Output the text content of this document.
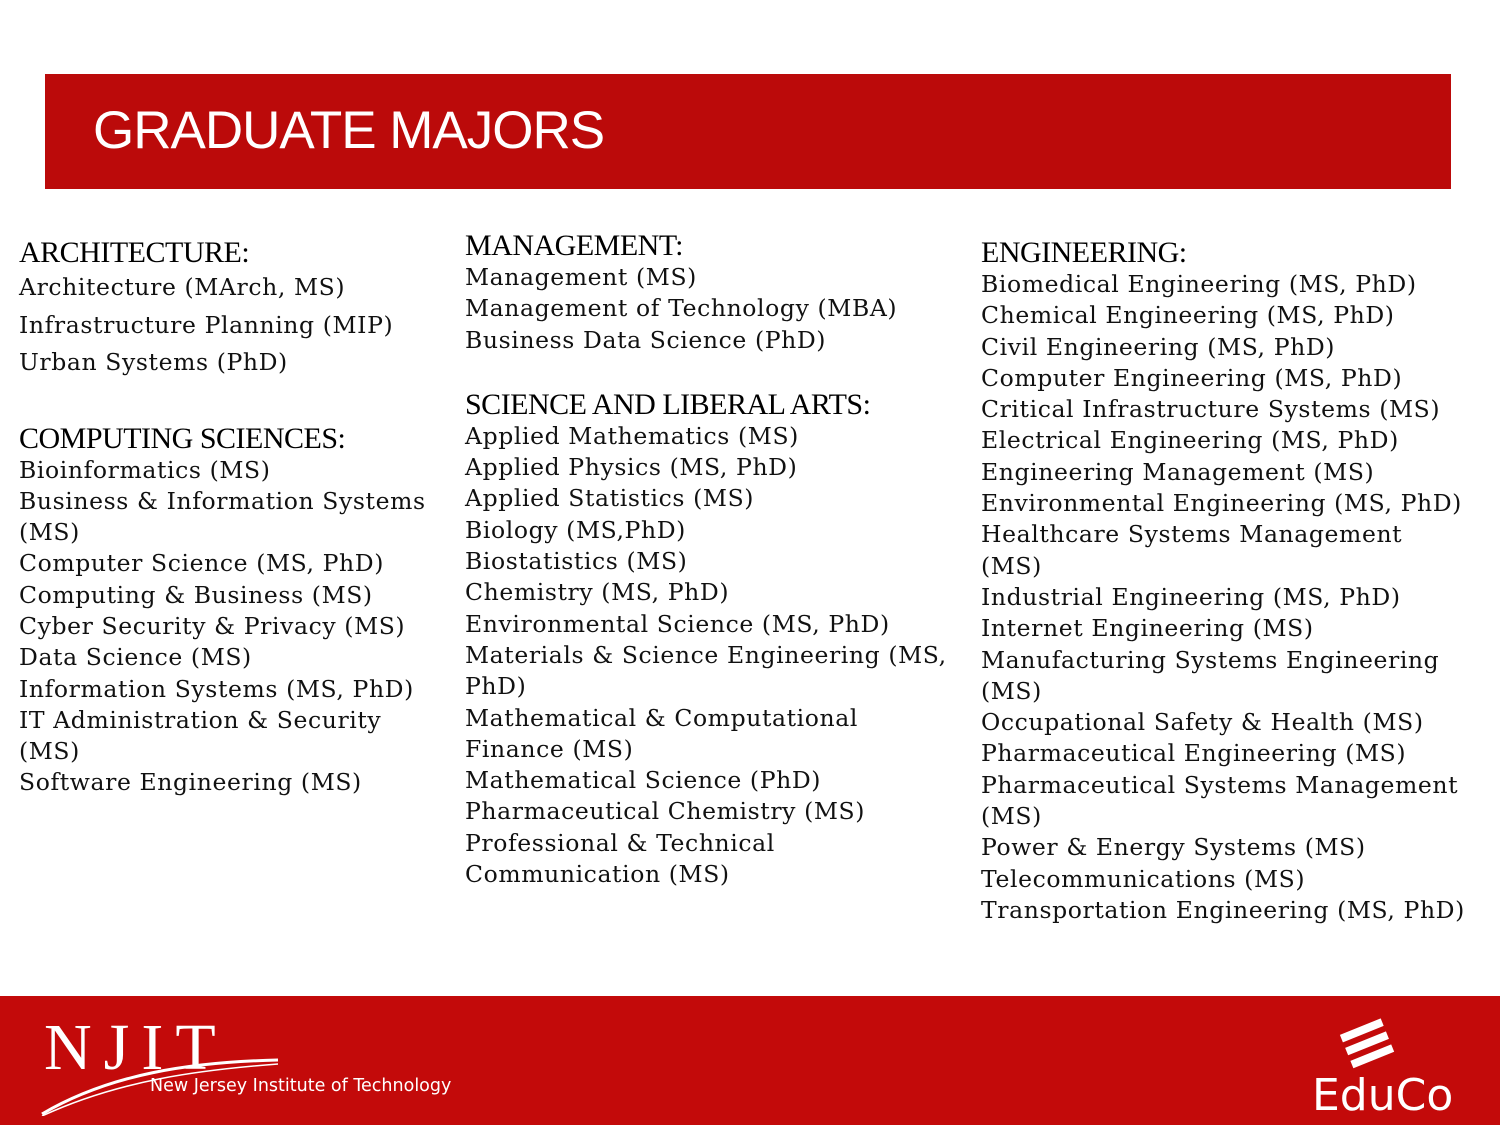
GRADUATE MAJORS
ARCHITECTURE:
Architecture (MArch, MS)
Infrastructure Planning (MIP)
Urban Systems (PhD)
COMPUTING SCIENCES:
Bioinformatics (MS)
Business & Information Systems (MS)
Computer Science (MS, PhD)
Computing & Business (MS)
Cyber Security & Privacy (MS)
Data Science (MS)
Information Systems (MS, PhD)
IT Administration & Security (MS)
Software Engineering (MS)
MANAGEMENT:
Management (MS)
Management of Technology (MBA)
Business Data Science (PhD)
SCIENCE AND LIBERAL ARTS:
Applied Mathematics (MS)
Applied Physics (MS, PhD)
Applied Statistics (MS)
Biology (MS,PhD)
Biostatistics (MS)
Chemistry (MS, PhD)
Environmental Science (MS, PhD)
Materials & Science Engineering (MS, PhD)
Mathematical & Computational Finance (MS)
Mathematical Science (PhD)
Pharmaceutical Chemistry (MS)
Professional & Technical Communication (MS)
ENGINEERING:
Biomedical Engineering (MS, PhD)
Chemical Engineering (MS, PhD)
Civil Engineering (MS, PhD)
Computer Engineering (MS, PhD)
Critical Infrastructure Systems (MS)
Electrical Engineering (MS, PhD)
Engineering Management (MS)
Environmental Engineering (MS, PhD)
Healthcare Systems Management (MS)
Industrial Engineering (MS, PhD)
Internet Engineering (MS)
Manufacturing Systems Engineering (MS)
Occupational Safety & Health (MS)
Pharmaceutical Engineering (MS)
Pharmaceutical Systems Management (MS)
Power & Energy Systems (MS)
Telecommunications (MS)
Transportation Engineering (MS, PhD)
NJIT
New Jersey Institute of Technology	EduCo
